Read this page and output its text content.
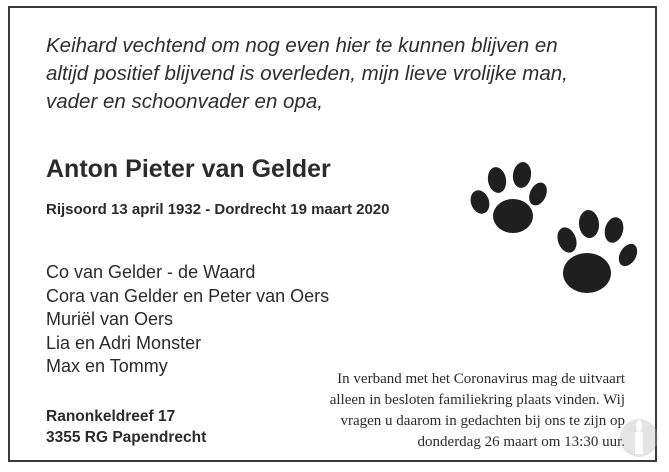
Keihard vechtend om nog even hier te kunnen blijven en
altijd positief blijvend is overleden, mijn lieve vrolijke man,
vader en schoonvader en opa,

Anton Pieter van Gelder
Rijsoord 13 april 1932 - Dordrecht 19 maart 2020
Co van Gelder - de Waard
Cora van Gelder en Peter van Oers
Muriël van Oers
Lia en Adri Monster
Max en Tommy
Ranonkeldreef 17
3355 RG Papendrecht
In verband met het Coronavirus mag de uitvaart
alleen in besloten familiekring plaats vinden. Wij
vragen u daarom in gedachten bij ons te zijn op
donderdag 26 maart om 13:30 uur.
